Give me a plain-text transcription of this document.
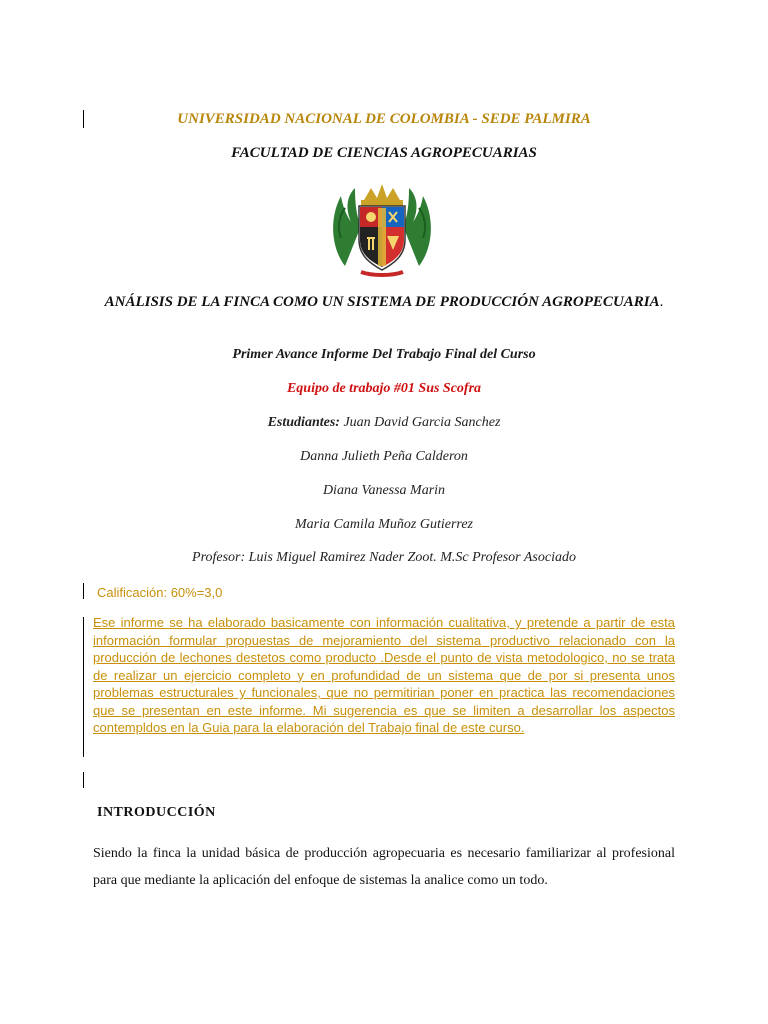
UNIVERSIDAD NACIONAL DE COLOMBIA - SEDE PALMIRA
FACULTAD DE CIENCIAS AGROPECUARIAS
ANÁLISIS DE LA FINCA COMO UN SISTEMA DE PRODUCCIÓN AGROPECUARIA.
Primer Avance Informe Del Trabajo Final del Curso
Equipo de trabajo #01 Sus Scofra
Estudiantes: Juan David Garcia Sanchez
Danna Julieth Peña Calderon
Diana Vanessa Marin
Maria Camila Muñoz Gutierrez
Profesor: Luis Miguel Ramirez Nader Zoot. M.Sc Profesor Asociado
Calificación: 60%=3,0
Ese informe se ha elaborado basicamente con información cualitativa, y pretende a partir de esta información formular propuestas de mejoramiento del sistema productivo relacionado con la producción de lechones destetos como producto .Desde el punto de vista metodologico, no se trata de realizar un ejercicio completo y en profundidad de un sistema que de por si presenta unos problemas estructurales y funcionales, que no permitirian poner en practica las recomendaciones que se presentan en este informe. Mi sugerencia es que se limiten a desarrollar los aspectos contempldos en la Guia para la elaboración del Trabajo final de este curso.
INTRODUCCIÓN
Siendo la finca la unidad básica de producción agropecuaria es necesario familiarizar al profesional para que mediante la aplicación del enfoque de sistemas la analice como un todo.
